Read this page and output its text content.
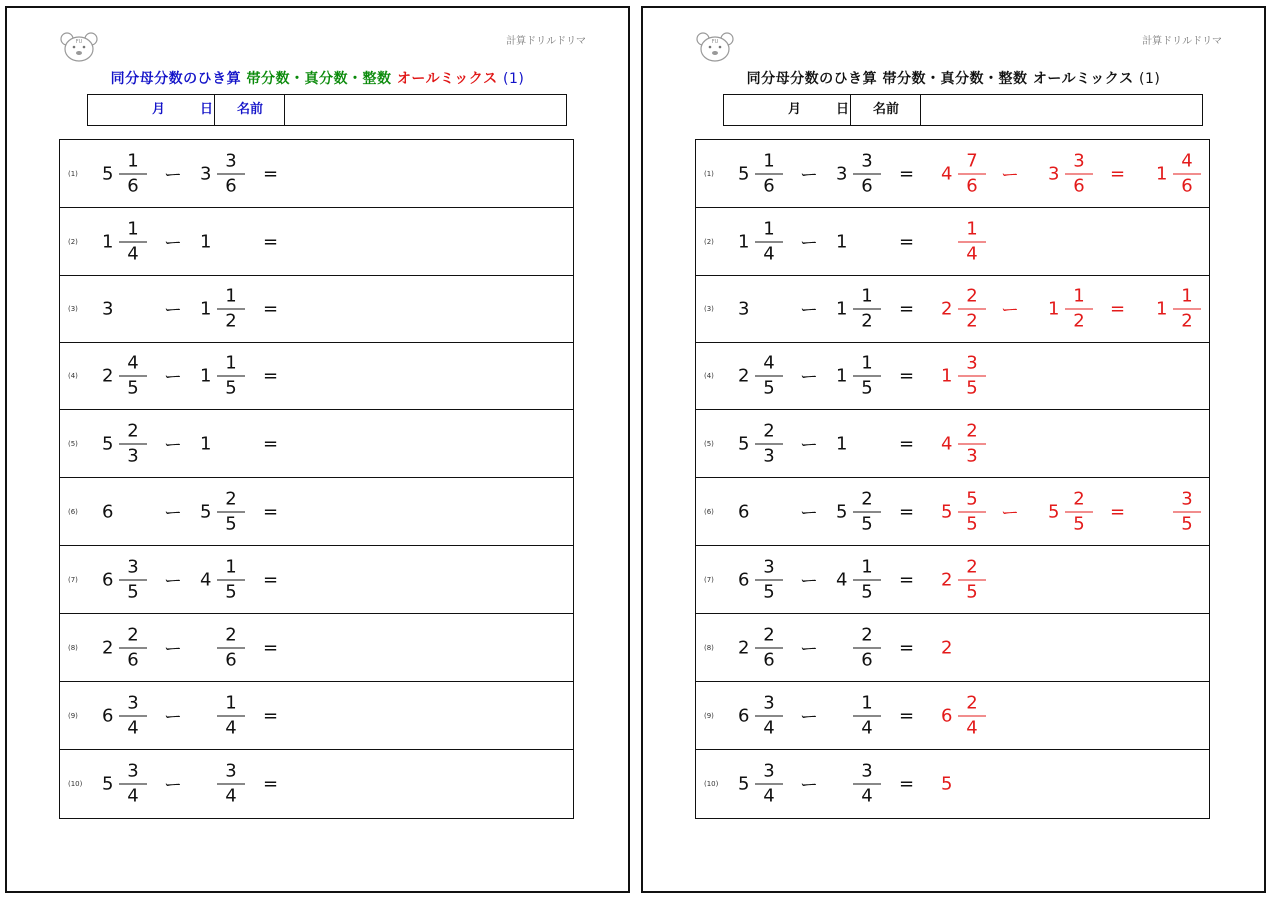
FU	計算ドリルドリマ
同分母分数のひき算 帯分数・真分数・整数 オールミックス (1)
月	日	名前
(1) $5 \frac{1}{6}$ ー $3 \frac{3}{6}$ =
(2) $1 \frac{1}{4}$ ー 1	=
(3) 3	ー $1 \frac{1}{2}$ =
(4) $2 \frac{4}{5}$ ー $1 \frac{1}{5}$ =
(5) $5 \frac{2}{3}$ ー 1	=
(6) 6	ー $5 \frac{2}{5}$ =
(7) $6 \frac{3}{5}$ ー $4 \frac{1}{5}$ =
(8) $2 \frac{2}{6}$ ー $\frac{2}{6}$ =
(9) $6 \frac{3}{4}$ ー $\frac{1}{4}$ =
(10) $5 \frac{3}{4}$ ー $\frac{3}{4}$ =
FU	計算ドリルドリマ
同分母分数のひき算 帯分数・真分数・整数 オールミックス (1)
月	日	名前
(1) $5 \frac{1}{6}$ ー $3 \frac{3}{6} = 4 \frac{7}{6}$ ー $3 \frac{3}{6} = 1 \frac{4}{6}$
(2) $1 \frac{1}{4}$ ー 1	= $\frac{1}{4}$
(3) 3	ー $1 \frac{1}{2} = 2 \frac{2}{2}$ ー $1 \frac{1}{2} = 1 \frac{1}{2}$
(4) $2 \frac{4}{5}$ ー $1 \frac{1}{5} = 1 \frac{3}{5}$
(5) $5 \frac{2}{3}$ ー 1	= $4 \frac{2}{3}$
(6) 6	ー $5 \frac{2}{5} = 5 \frac{5}{5}$ ー $5 \frac{2}{5}$ =	$\frac{3}{5}$
(7) $6 \frac{3}{5}$ ー $4 \frac{1}{5} = 2 \frac{2}{5}$
(8) $2 \frac{2}{6}$ ー $\frac{2}{6} = 2$
(9) $6 \frac{3}{4}$ ー $\frac{1}{4} = 6 \frac{2}{4}$
(10) $5 \frac{3}{4}$ ー $\frac{3}{4} = 5$
